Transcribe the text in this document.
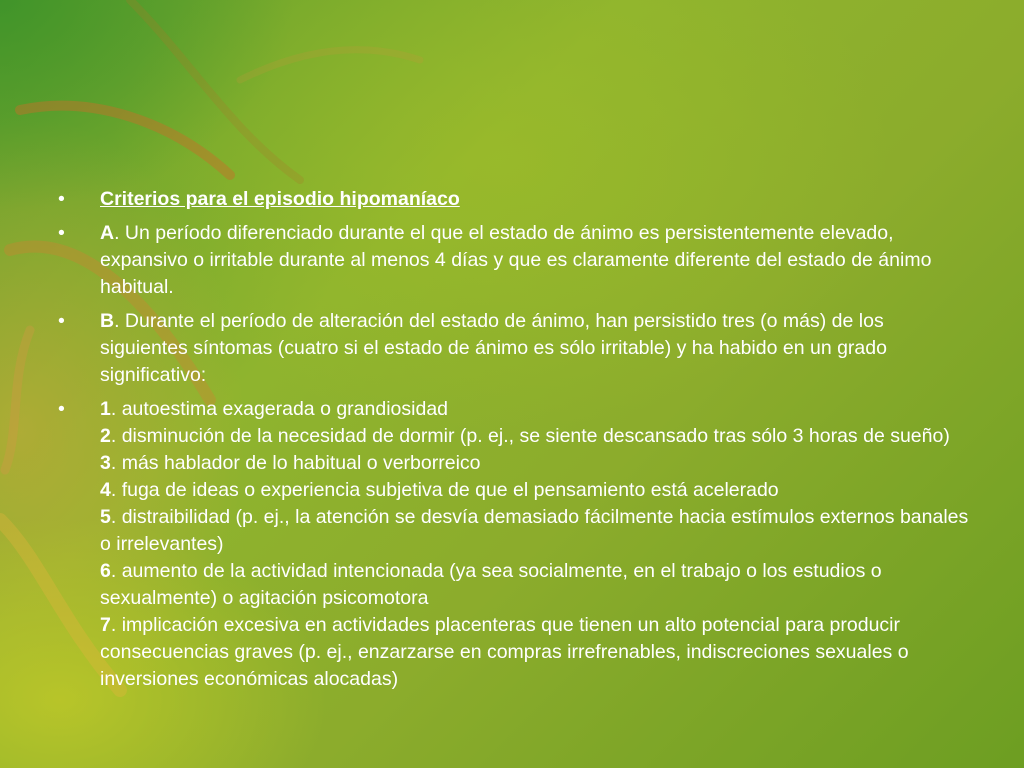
•	Criterios para el episodio hipomaníaco
•	A. Un período diferenciado durante el que el estado de ánimo es persistentemente elevado, expansivo o irritable durante al menos 4 días y que es claramente diferente del estado de ánimo habitual.
•	B. Durante el período de alteración del estado de ánimo, han persistido tres (o más) de los siguientes síntomas (cuatro si el estado de ánimo es sólo irritable) y ha habido en un grado significativo:
•	1. autoestima exagerada o grandiosidad
2. disminución de la necesidad de dormir (p. ej., se siente descansado tras sólo 3 horas de sueño)
3. más hablador de lo habitual o verborreico
4. fuga de ideas o experiencia subjetiva de que el pensamiento está acelerado
5. distraibilidad (p. ej., la atención se desvía demasiado fácilmente hacia estímulos externos banales o irrelevantes)
6. aumento de la actividad intencionada (ya sea socialmente, en el trabajo o los estudios o sexualmente) o agitación psicomotora
7. implicación excesiva en actividades placenteras que tienen un alto potencial para producir consecuencias graves (p. ej., enzarzarse en compras irrefrenables, indiscreciones sexuales o inversiones económicas alocadas)
